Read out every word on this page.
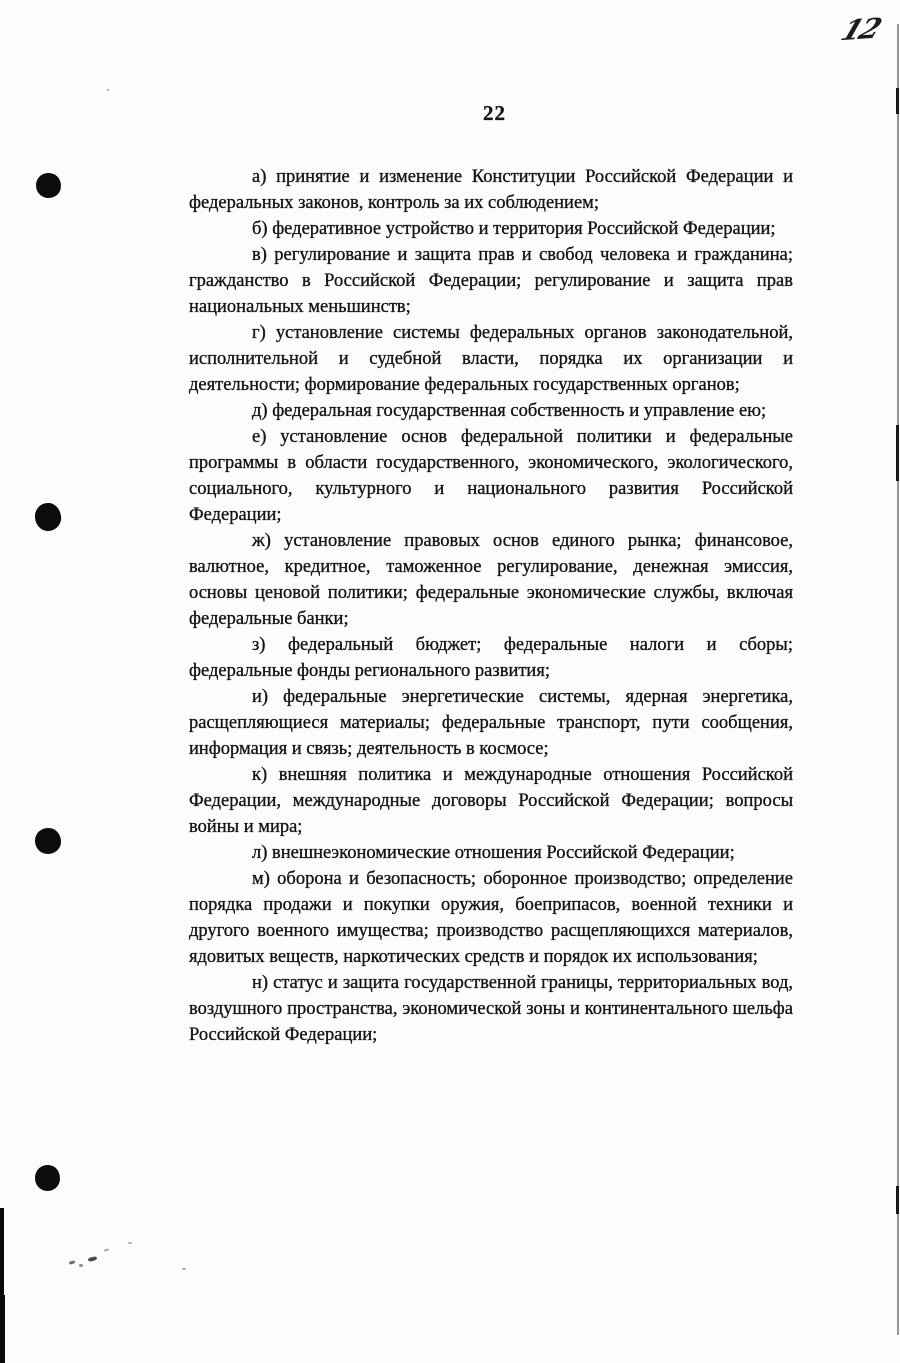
12
22

а) принятие и изменение Конституции Российской Федерации и федеральных законов, контроль за их соблюдением;

б) федеративное устройство и территория Российской Федерации;

в) регулирование и защита прав и свобод человека и гражданина; гражданство в Российской Федерации; регулирование и защита прав национальных меньшинств;

г) установление системы федеральных органов законодательной, исполнительной и судебной власти, порядка их организации и деятельности; формирование федеральных государственных органов;

д) федеральная государственная собственность и управление ею;

е) установление основ федеральной политики и федеральные программы в области государственного, экономического, экологического, социального, культурного и национального развития Российской Федерации;

ж) установление правовых основ единого рынка; финансовое, валютное, кредитное, таможенное регулирование, денежная эмиссия, основы ценовой политики; федеральные экономические службы, включая федеральные банки;

з) федеральный бюджет; федеральные налоги и сборы; федеральные фонды регионального развития;

и) федеральные энергетические системы, ядерная энергетика, расщепляющиеся материалы; федеральные транспорт, пути сообщения, информация и связь; деятельность в космосе;

к) внешняя политика и международные отношения Российской Федерации, международные договоры Российской Федерации; вопросы войны и мира;

л) внешнеэкономические отношения Российской Федерации;

м) оборона и безопасность; оборонное производство; определение порядка продажи и покупки оружия, боеприпасов, военной техники и другого военного имущества; производство расщепляющихся материалов, ядовитых веществ, наркотических средств и порядок их использования;

н) статус и защита государственной границы, территориальных вод, воздушного пространства, экономической зоны и континентального шельфа Российской Федерации;
